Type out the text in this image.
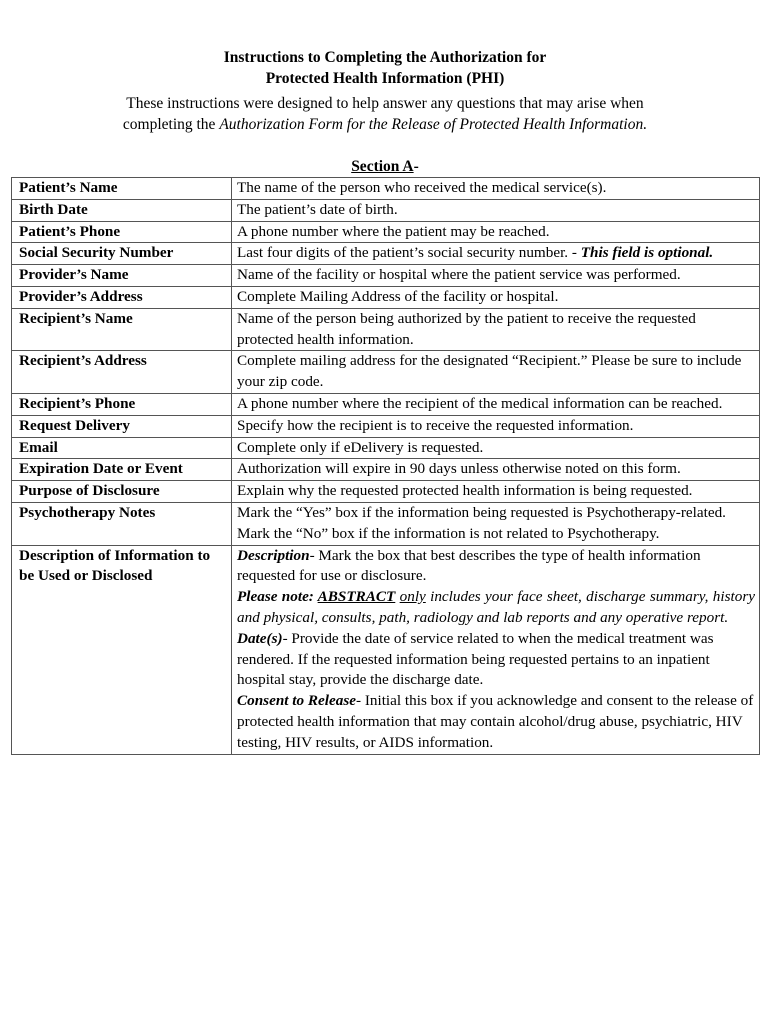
Instructions to Completing the Authorization for
Protected Health Information (PHI)
These instructions were designed to help answer any questions that may arise when
completing the Authorization Form for the Release of Protected Health Information.
Section A-
Patient’s Name	The name of the person who received the medical service(s).
Birth Date	The patient’s date of birth.
Patient’s Phone	A phone number where the patient may be reached.
Social Security Number	Last four digits of the patient’s social security number. - This field is optional.
Provider’s Name	Name of the facility or hospital where the patient service was performed.
Provider’s Address	Complete Mailing Address of the facility or hospital.
Recipient’s Name	Name of the person being authorized by the patient to receive the requested protected health information.
Recipient’s Address	Complete mailing address for the designated “Recipient.” Please be sure to include your zip code.
Recipient’s Phone	A phone number where the recipient of the medical information can be reached.
Request Delivery	Specify how the recipient is to receive the requested information.
Email	Complete only if eDelivery is requested.
Expiration Date or Event	Authorization will expire in 90 days unless otherwise noted on this form.
Purpose of Disclosure	Explain why the requested protected health information is being requested.
Psychotherapy Notes	Mark the “Yes” box if the information being requested is Psychotherapy-related. Mark the “No” box if the information is not related to Psychotherapy.
Description of Information to be Used or Disclosed	Description- Mark the box that best describes the type of health information requested for use or disclosure.
Please note: ABSTRACT only includes your face sheet, discharge summary, history and physical, consults, path, radiology and lab reports and any operative report.
Date(s)- Provide the date of service related to when the medical treatment was rendered. If the requested information being requested pertains to an inpatient hospital stay, provide the discharge date.
Consent to Release- Initial this box if you acknowledge and consent to the release of protected health information that may contain alcohol/drug abuse, psychiatric, HIV testing, HIV results, or AIDS information.
